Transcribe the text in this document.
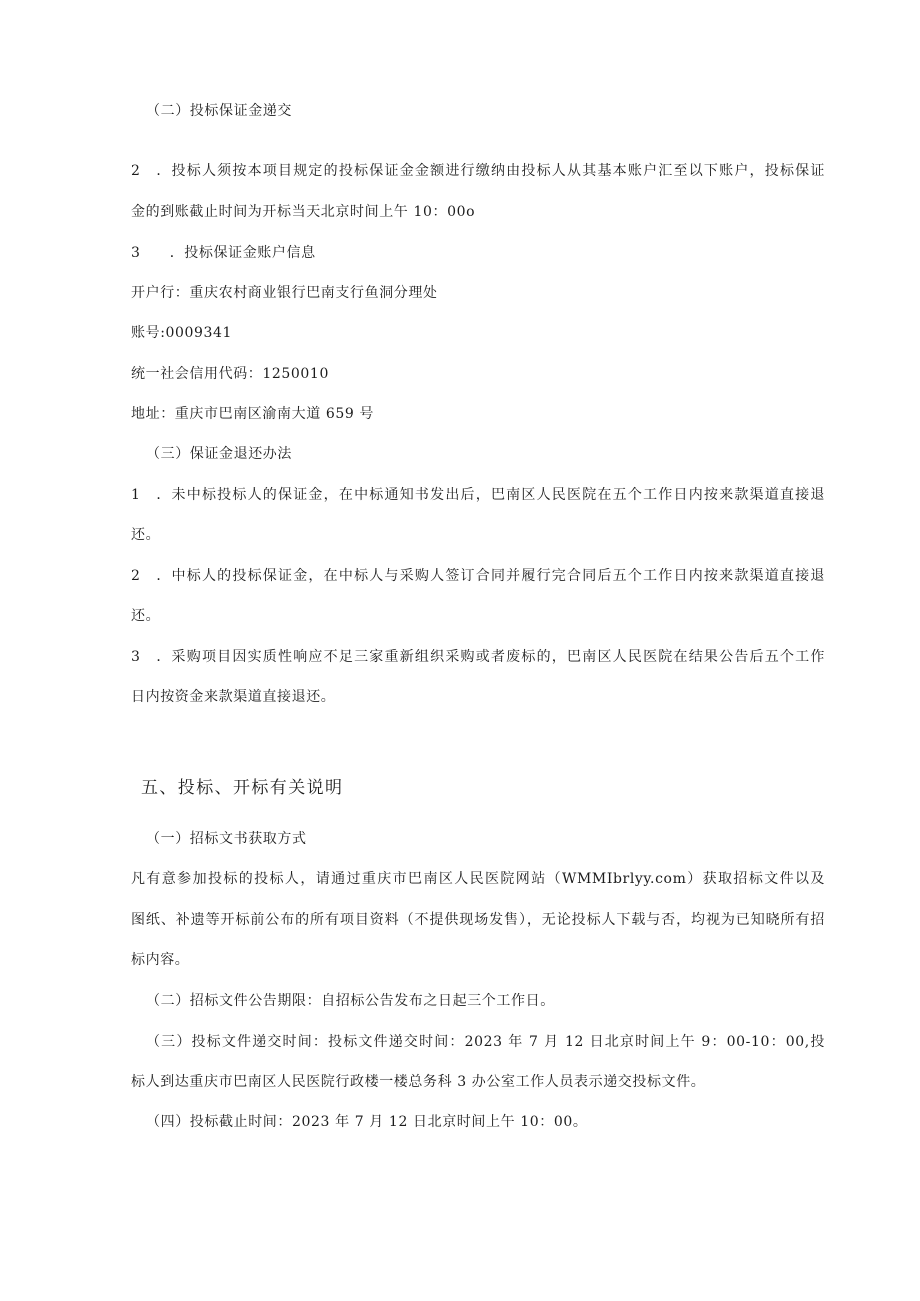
（二）投标保证金递交
2　．投标人须按本项目规定的投标保证金金额进行缴纳由投标人从其基本账户汇至以下账户，投标保证
金的到账截止时间为开标当天北京时间上午 10：00o
3　　．投标保证金账户信息
开户行：重庆农村商业银行巴南支行鱼洞分理处
账号:0009341
统一社会信用代码：1250010
地址：重庆市巴南区渝南大道 659 号
（三）保证金退还办法
1　．未中标投标人的保证金，在中标通知书发出后，巴南区人民医院在五个工作日内按来款渠道直接退
还。
2　．中标人的投标保证金，在中标人与采购人签订合同并履行完合同后五个工作日内按来款渠道直接退
还。
3　．采购项目因实质性响应不足三家重新组织采购或者废标的，巴南区人民医院在结果公告后五个工作
日内按资金来款渠道直接退还。
五、投标、开标有关说明
（一）招标文书获取方式
凡有意参加投标的投标人，请通过重庆市巴南区人民医院网站（WMMIbrlyy.com）获取招标文件以及
图纸、补遗等开标前公布的所有项目资料（不提供现场发售），无论投标人下载与否，均视为已知晓所有招
标内容。
（二）招标文件公告期限：自招标公告发布之日起三个工作日。
（三）投标文件递交时间：投标文件递交时间：2023 年 7 月 12 日北京时间上午 9：00-10：00,投
标人到达重庆市巴南区人民医院行政楼一楼总务科 3 办公室工作人员表示递交投标文件。
（四）投标截止时间：2023 年 7 月 12 日北京时间上午 10：00。
